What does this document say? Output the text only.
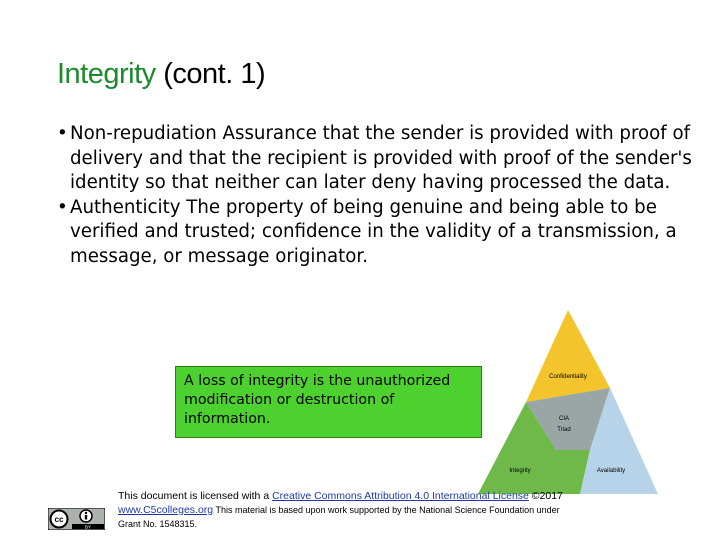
Integrity (cont. 1)
• Non-repudiation Assurance that the sender is provided with proof of delivery and that the recipient is provided with proof of the sender's identity so that neither can later deny having processed the data.
• Authenticity The property of being genuine and being able to be verified and trusted; confidence in the validity of a transmission, a message, or message originator.
A loss of integrity is the unauthorized modification or destruction of information.
Confidentiality
CIA
Triad
Integrity	Availability
cc
BY
This document is licensed with a Creative Commons Attribution 4.0 International License ©2017
www.C5colleges.org This material is based upon work supported by the National Science Foundation under
Grant No. 1548315.
